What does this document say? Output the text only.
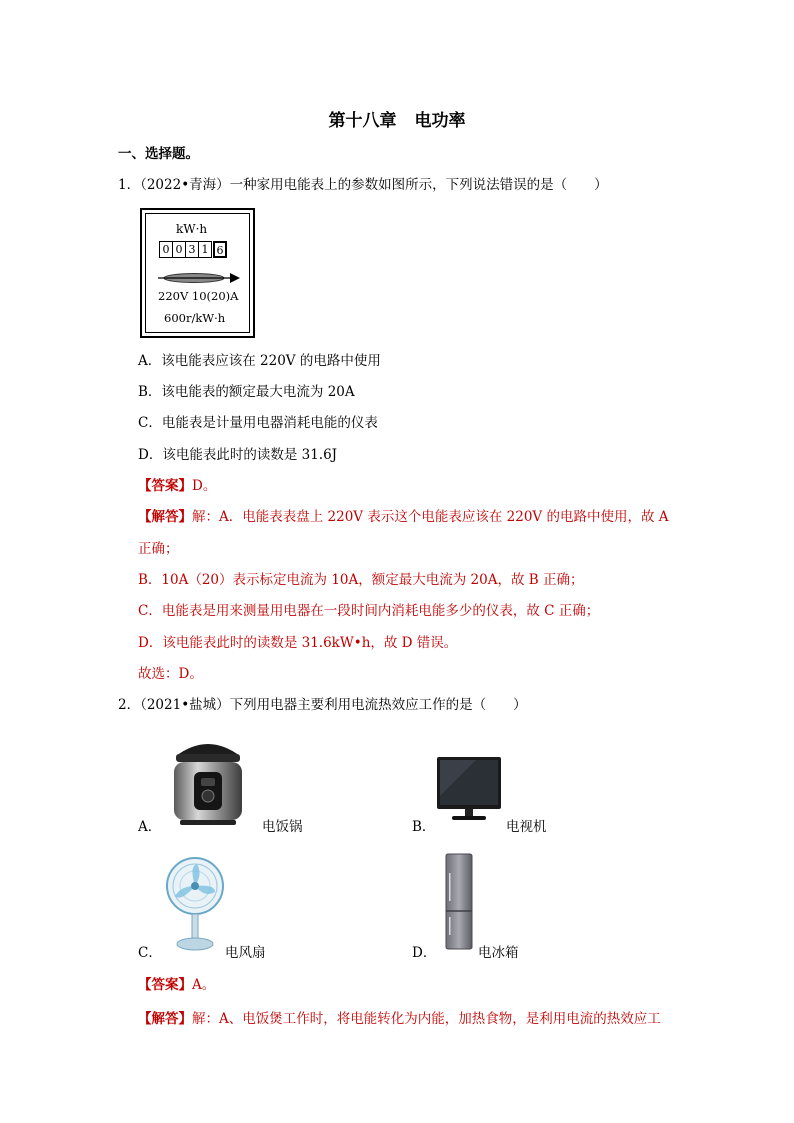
第十八章 电功率
一、选择题。
1．（2022•青海）一种家用电能表上的参数如图所示，下列说法错误的是（　　）
kW·h
0 0 3 1 6
220V 10(20)A
600r/kW·h
A．该电能表应该在 220V 的电路中使用
B．该电能表的额定最大电流为 20A
C．电能表是计量用电器消耗电能的仪表
D．该电能表此时的读数是 31.6J
【答案】D。
【解答】解：A．电能表表盘上 220V 表示这个电能表应该在 220V 的电路中使用，故 A
正确；
B．10A（20）表示标定电流为 10A，额定最大电流为 20A，故 B 正确；
C．电能表是用来测量用电器在一段时间内消耗电能多少的仪表，故 C 正确；
D．该电能表此时的读数是 31.6kW•h，故 D 错误。
故选：D。
2．（2021•盐城）下列用电器主要利用电流热效应工作的是（　　）
A．	电饭锅	B．	电视机
C．	电风扇	D．	电冰箱
【答案】A。
【解答】解：A、电饭煲工作时，将电能转化为内能，加热食物，是利用电流的热效应工
